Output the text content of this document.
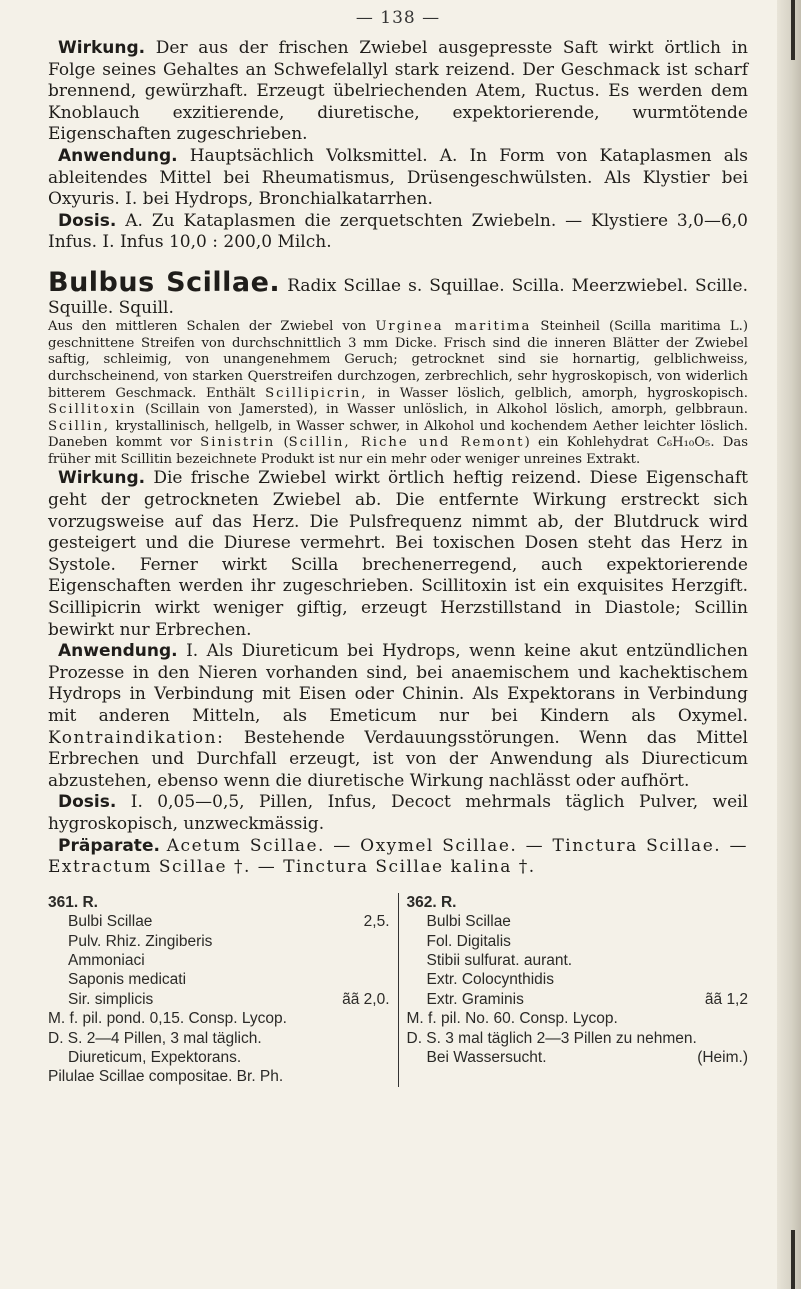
— 138 —

Wirkung. Der aus der frischen Zwiebel ausgepresste Saft wirkt örtlich in Folge seines Gehaltes an Schwefelallyl stark reizend. Der Geschmack ist scharf brennend, gewürzhaft. Erzeugt übelriechenden Atem, Ructus. Es werden dem Knoblauch exzitierende, diuretische, expektorierende, wurmtötende Eigenschaften zugeschrieben.

Anwendung. Hauptsächlich Volksmittel. A. In Form von Kataplasmen als ableitendes Mittel bei Rheumatismus, Drüsengeschwülsten. Als Klystier bei Oxyuris. I. bei Hydrops, Bronchialkatarrhen.

Dosis. A. Zu Kataplasmen die zerquetschten Zwiebeln. — Klystiere 3,0—6,0 Infus. I. Infus 10,0 : 200,0 Milch.

Bulbus Scillae. Radix Scillae s. Squillae. Scilla. Meerzwiebel. Scille. Squille. Squill.

Aus den mittleren Schalen der Zwiebel von Urginea maritima Steinheil (Scilla maritima L.) geschnittene Streifen von durchschnittlich 3 mm Dicke. Frisch sind die inneren Blätter der Zwiebel saftig, schleimig, von unangenehmem Geruch; getrocknet sind sie hornartig, gelblichweiss, durchscheinend, von starken Querstreifen durchzogen, zerbrechlich, sehr hygroskopisch, von widerlich bitterem Geschmack. Enthält Scillipicrin, in Wasser löslich, gelblich, amorph, hygroskopisch. Scillitoxin (Scillain von Jamersted), in Wasser unlöslich, in Alkohol löslich, amorph, gelbbraun. Scillin, krystallinisch, hellgelb, in Wasser schwer, in Alkohol und kochendem Aether leichter löslich. Daneben kommt vor Sinistrin (Scillin, Riche und Remont) ein Kohlehydrat C₆H₁₀O₅. Das früher mit Scillitin bezeichnete Produkt ist nur ein mehr oder weniger unreines Extrakt.

Wirkung. Die frische Zwiebel wirkt örtlich heftig reizend. Diese Eigenschaft geht der getrockneten Zwiebel ab. Die entfernte Wirkung erstreckt sich vorzugsweise auf das Herz. Die Pulsfrequenz nimmt ab, der Blutdruck wird gesteigert und die Diurese vermehrt. Bei toxischen Dosen steht das Herz in Systole. Ferner wirkt Scilla brechenerregend, auch expektorierende Eigenschaften werden ihr zugeschrieben. Scillitoxin ist ein exquisites Herzgift. Scillipicrin wirkt weniger giftig, erzeugt Herzstillstand in Diastole; Scillin bewirkt nur Erbrechen.

Anwendung. I. Als Diureticum bei Hydrops, wenn keine akut entzündlichen Prozesse in den Nieren vorhanden sind, bei anaemischem und kachektischem Hydrops in Verbindung mit Eisen oder Chinin. Als Expektorans in Verbindung mit anderen Mitteln, als Emeticum nur bei Kindern als Oxymel. Kontraindikation: Bestehende Verdauungsstörungen. Wenn das Mittel Erbrechen und Durchfall erzeugt, ist von der Anwendung als Diurecticum abzustehen, ebenso wenn die diuretische Wirkung nachlässt oder aufhört.

Dosis. I. 0,05—0,5, Pillen, Infus, Decoct mehrmals täglich Pulver, weil hygroskopisch, unzweckmässig.

Präparate. Acetum Scillae. — Oxymel Scillae. — Tinctura Scillae. — Extractum Scillae †. — Tinctura Scillae kalina †.

361. R.
Bulbi Scillae	2,5.
Pulv. Rhiz. Zingiberis
Ammoniaci
Saponis medicati
Sir. simplicis	ãã 2,0.
M. f. pil. pond. 0,15. Consp. Lycop.
D. S. 2—4 Pillen, 3 mal täglich.
Diureticum, Expektorans.
Pilulae Scillae compositae. Br. Ph.
362. R.
Bulbi Scillae
Fol. Digitalis
Stibii sulfurat. aurant.
Extr. Colocynthidis
Extr. Graminis	ãã 1,2
M. f. pil. No. 60. Consp. Lycop.
D. S. 3 mal täglich 2—3 Pillen zu nehmen.
Bei Wassersucht.	(Heim.)
